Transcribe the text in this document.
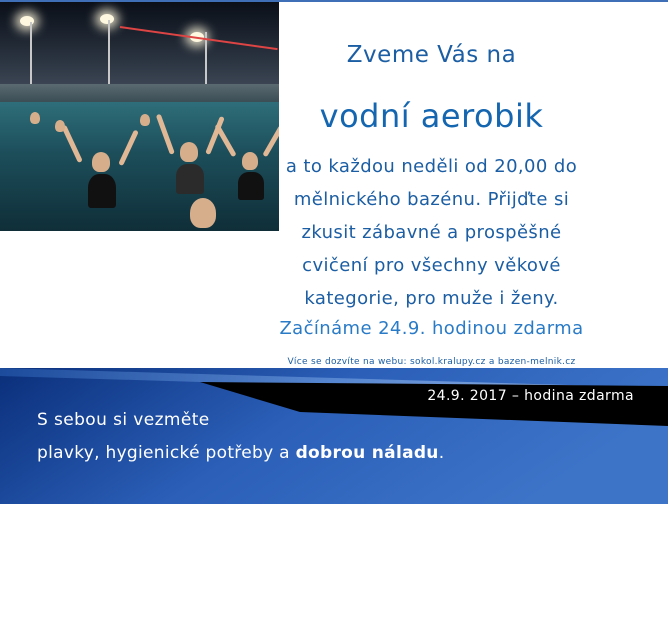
Zveme Vás na
vodní aerobik
a to každou neděli od 20,00 do
mělnického bazénu. Přijďte si
zkusit zábavné a prospěšné
cvičení pro všechny věkové
kategorie, pro muže i ženy.
Začínáme 24.9. hodinou zdarma
Více se dozvíte na webu: sokol.kralupy.cz a bazen-melnik.cz
24.9. 2017 – hodina zdarma
S sebou si vezměte
plavky, hygienické potřeby a dobrou náladu.
